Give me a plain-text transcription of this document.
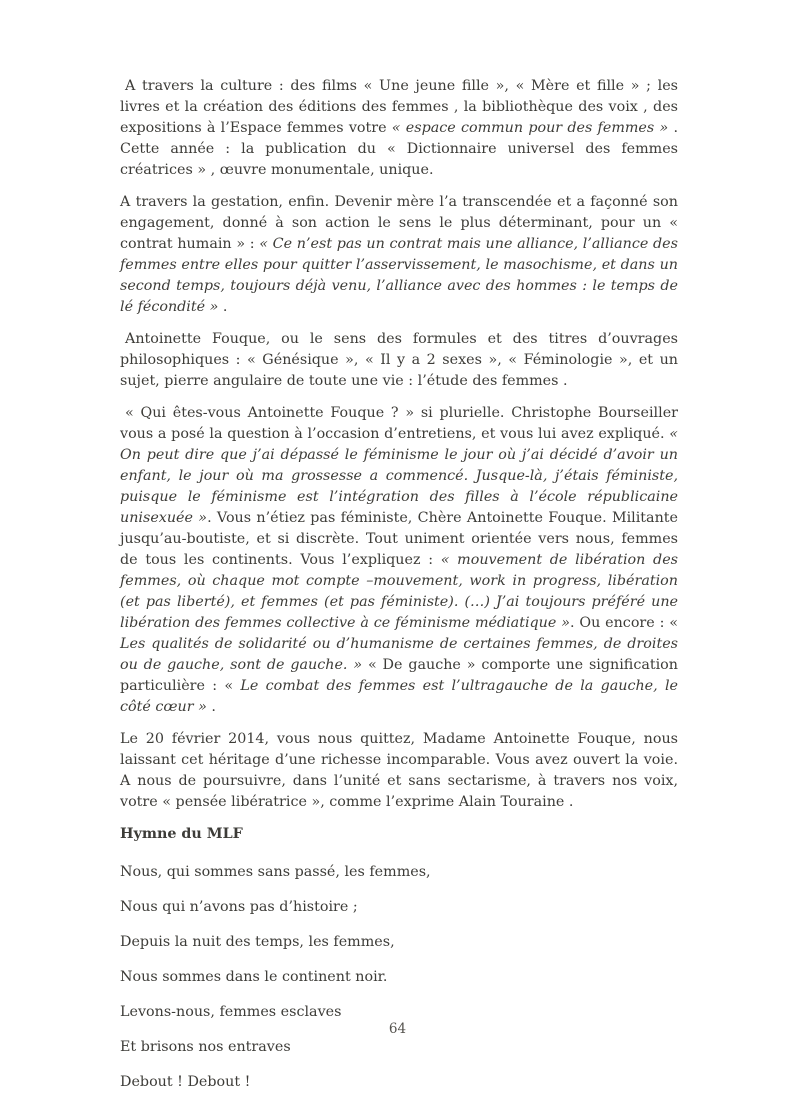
A travers la culture : des films « Une jeune fille », « Mère et fille » ; les livres et la création des éditions des femmes , la bibliothèque des voix , des expositions à l’Espace femmes votre « espace commun pour des femmes » . Cette année : la publication du « Dictionnaire universel des femmes créatrices » , œuvre monumentale, unique.

A travers la gestation, enfin. Devenir mère l’a transcendée et a façonné son engagement, donné à son action le sens le plus déterminant, pour un « contrat humain » : « Ce n’est pas un contrat mais une alliance, l’alliance des femmes entre elles pour quitter l’asservissement, le masochisme, et dans un second temps, toujours déjà venu, l’alliance avec des hommes : le temps de lé fécondité » .

Antoinette Fouque, ou le sens des formules et des titres d’ouvrages philosophiques : « Génésique », « Il y a 2 sexes », « Féminologie », et un sujet, pierre angulaire de toute une vie : l’étude des femmes .

« Qui êtes-vous Antoinette Fouque ? » si plurielle. Christophe Bourseiller vous a posé la question à l’occasion d’entretiens, et vous lui avez expliqué. « On peut dire que j’ai dépassé le féminisme le jour où j’ai décidé d’avoir un enfant, le jour où ma grossesse a commencé. Jusque-là, j’étais féministe, puisque le féminisme est l’intégration des filles à l’école républicaine unisexuée ». Vous n’étiez pas féministe, Chère Antoinette Fouque. Militante jusqu’au-boutiste, et si discrète. Tout uniment orientée vers nous, femmes de tous les continents. Vous l’expliquez : « mouvement de libération des femmes, où chaque mot compte –mouvement, work in progress, libération (et pas liberté), et femmes (et pas féministe). (…) J’ai toujours préféré une libération des femmes collective à ce féminisme médiatique ». Ou encore : « Les qualités de solidarité ou d’humanisme de certaines femmes, de droites ou de gauche, sont de gauche. » « De gauche » comporte une signification particulière : « Le combat des femmes est l’ultragauche de la gauche, le côté cœur » .

Le 20 février 2014, vous nous quittez, Madame Antoinette Fouque, nous laissant cet héritage d’une richesse incomparable. Vous avez ouvert la voie. A nous de poursuivre, dans l’unité et sans sectarisme, à travers nos voix, votre « pensée libératrice », comme l’exprime Alain Touraine .

Hymne du MLF

Nous, qui sommes sans passé, les femmes,

Nous qui n’avons pas d’histoire ;

Depuis la nuit des temps, les femmes,

Nous sommes dans le continent noir.

Levons-nous, femmes esclaves

Et brisons nos entraves

Debout ! Debout !

64
